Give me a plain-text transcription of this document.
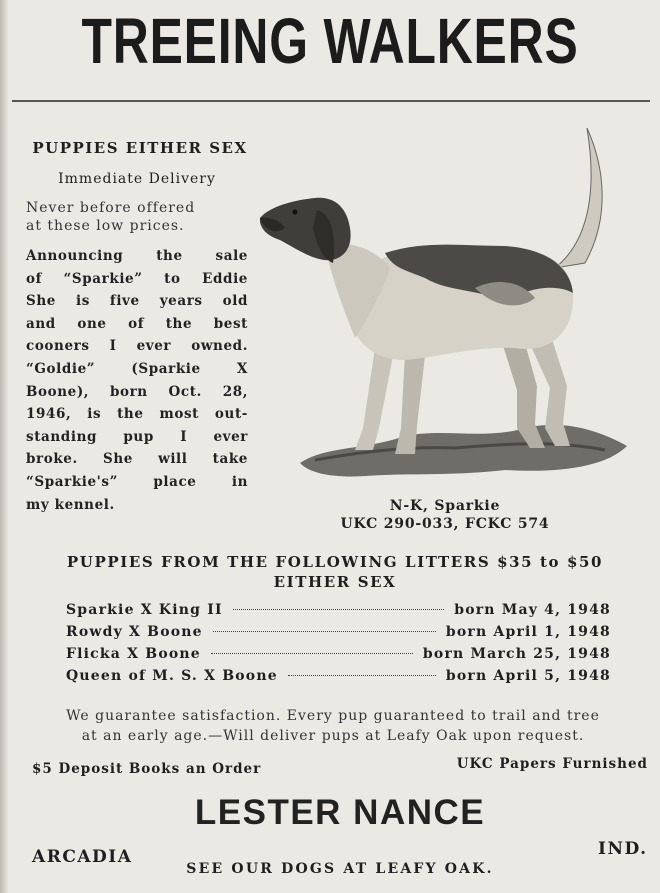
TREEING WALKERS
PUPPIES EITHER SEX
Immediate Delivery
Never before offered
at these low prices.
Announcing the sale
of “Sparkie” to Eddie
She is five years old
and one of the best
cooners I ever owned.
“Goldie” (Sparkie X
Boone), born Oct. 28,
1946, is the most out-
standing pup I ever
broke. She will take
“Sparkie's” place in
my kennel.	N-K, Sparkie
UKC 290-033, FCKC 574
PUPPIES FROM THE FOLLOWING LITTERS $35 to $50
EITHER SEX
Sparkie X King II	born May 4, 1948
Rowdy X Boone	born April 1, 1948
Flicka X Boone	born March 25, 1948
Queen of M. S. X Boone	born April 5, 1948
We guarantee satisfaction. Every pup guaranteed to trail and tree
at an early age.—Will deliver pups at Leafy Oak upon request.
$5 Deposit Books an Order	UKC Papers Furnished
LESTER NANCE
ARCADIA	IND.
SEE OUR DOGS AT LEAFY OAK.
